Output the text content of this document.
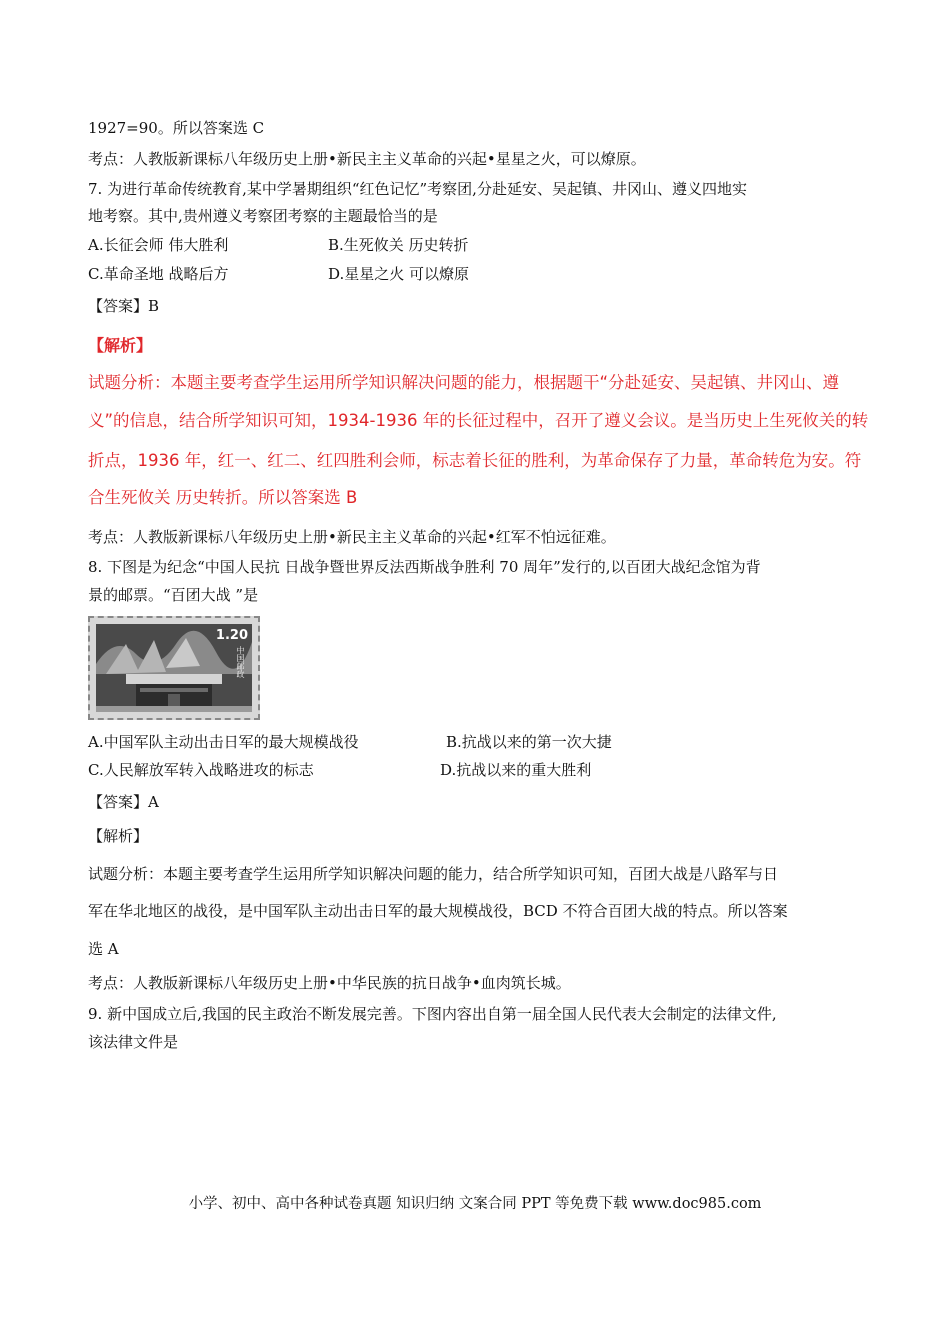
1927=90。所以答案选 C
考点：人教版新课标八年级历史上册•新民主主义革命的兴起•星星之火，可以燎原。
7. 为进行革命传统教育,某中学暑期组织“红色记忆”考察团,分赴延安、吴起镇、井冈山、遵义四地实
地考察。其中,贵州遵义考察团考察的主题最恰当的是
A.长征会师 伟大胜利	B.生死攸关 历史转折
C.革命圣地 战略后方	D.星星之火 可以燎原
【答案】B
【解析】
试题分析：本题主要考查学生运用所学知识解决问题的能力，根据题干“分赴延安、吴起镇、井冈山、遵
义”的信息，结合所学知识可知，1934-1936 年的长征过程中，召开了遵义会议。是当历史上生死攸关的转
折点，1936 年，红一、红二、红四胜利会师，标志着长征的胜利，为革命保存了力量，革命转危为安。符
合生死攸关 历史转折。所以答案选 B
考点：人教版新课标八年级历史上册•新民主主义革命的兴起•红军不怕远征难。
8. 下图是为纪念“中国人民抗 日战争暨世界反法西斯战争胜利 70 周年”发行的,以百团大战纪念馆为背
景的邮票。“百团大战 ”是
1.20
中国邮政
A.中国军队主动出击日军的最大规模战役	B.抗战以来的第一次大捷
C.人民解放军转入战略进攻的标志	D.抗战以来的重大胜利
【答案】A
【解析】
试题分析：本题主要考查学生运用所学知识解决问题的能力，结合所学知识可知，百团大战是八路军与日
军在华北地区的战役，是中国军队主动出击日军的最大规模战役，BCD 不符合百团大战的特点。所以答案
选 A
考点：人教版新课标八年级历史上册•中华民族的抗日战争•血肉筑长城。
9. 新中国成立后,我国的民主政治不断发展完善。下图内容出自第一届全国人民代表大会制定的法律文件,
该法律文件是
小学、初中、高中各种试卷真题 知识归纳 文案合同 PPT 等免费下载 www.doc985.com
